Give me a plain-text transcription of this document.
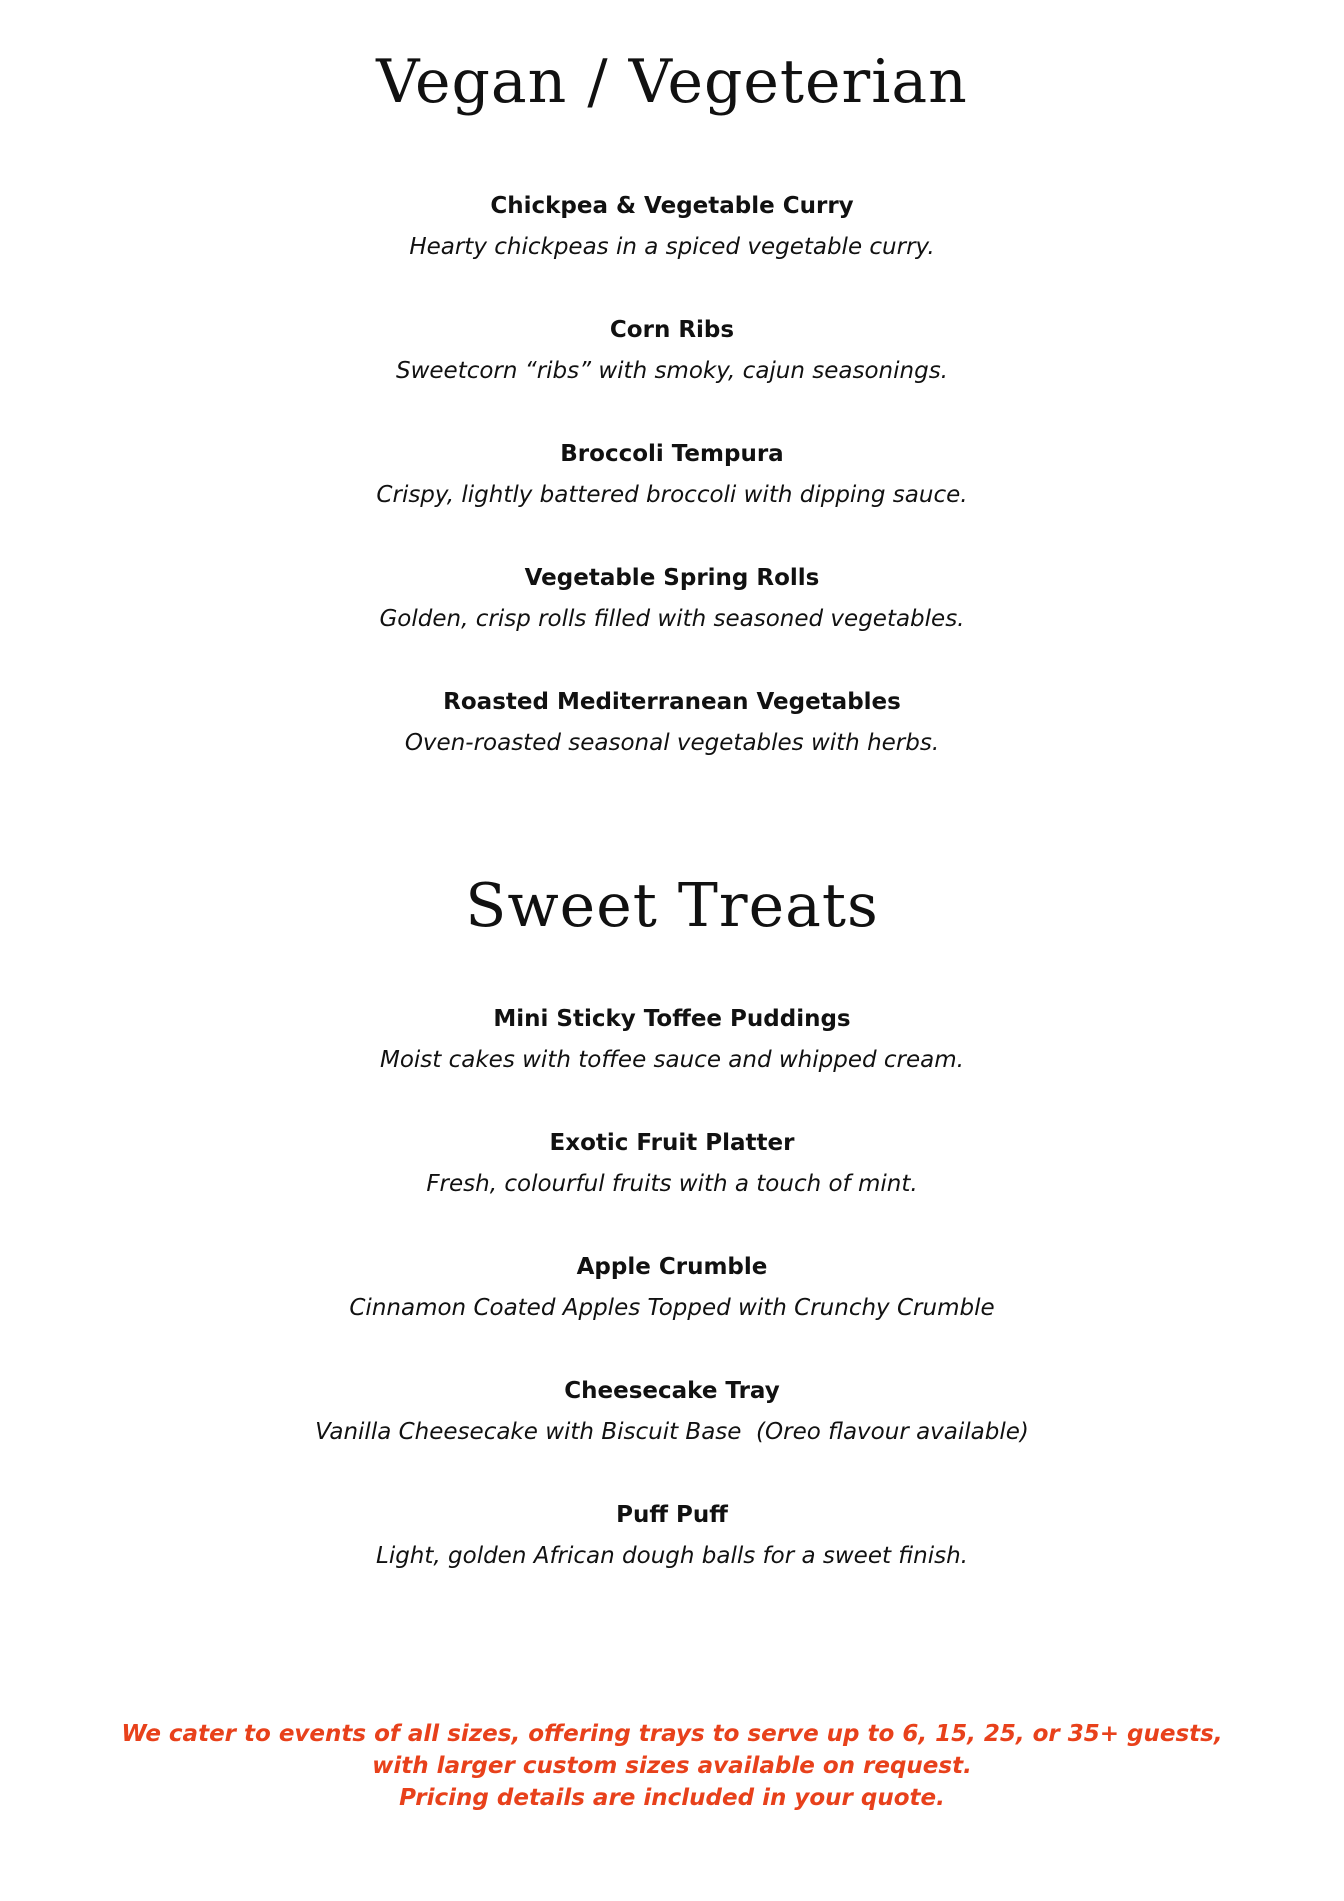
Vegan / Vegeterian
Chickpea & Vegetable Curry
Hearty chickpeas in a spiced vegetable curry.
Corn Ribs
Sweetcorn “ribs” with smoky, cajun seasonings.
Broccoli Tempura
Crispy, lightly battered broccoli with dipping sauce.
Vegetable Spring Rolls
Golden, crisp rolls filled with seasoned vegetables.
Roasted Mediterranean Vegetables
Oven-roasted seasonal vegetables with herbs.
Sweet Treats
Mini Sticky Toffee Puddings
Moist cakes with toffee sauce and whipped cream.
Exotic Fruit Platter
Fresh, colourful fruits with a touch of mint.
Apple Crumble
Cinnamon Coated Apples Topped with Crunchy Crumble
Cheesecake Tray
Vanilla Cheesecake with Biscuit Base  (Oreo flavour available)
Puff Puff
Light, golden African dough balls for a sweet finish.
We cater to events of all sizes, offering trays to serve up to 6, 15, 25, or 35+ guests,
with larger custom sizes available on request.
Pricing details are included in your quote.
